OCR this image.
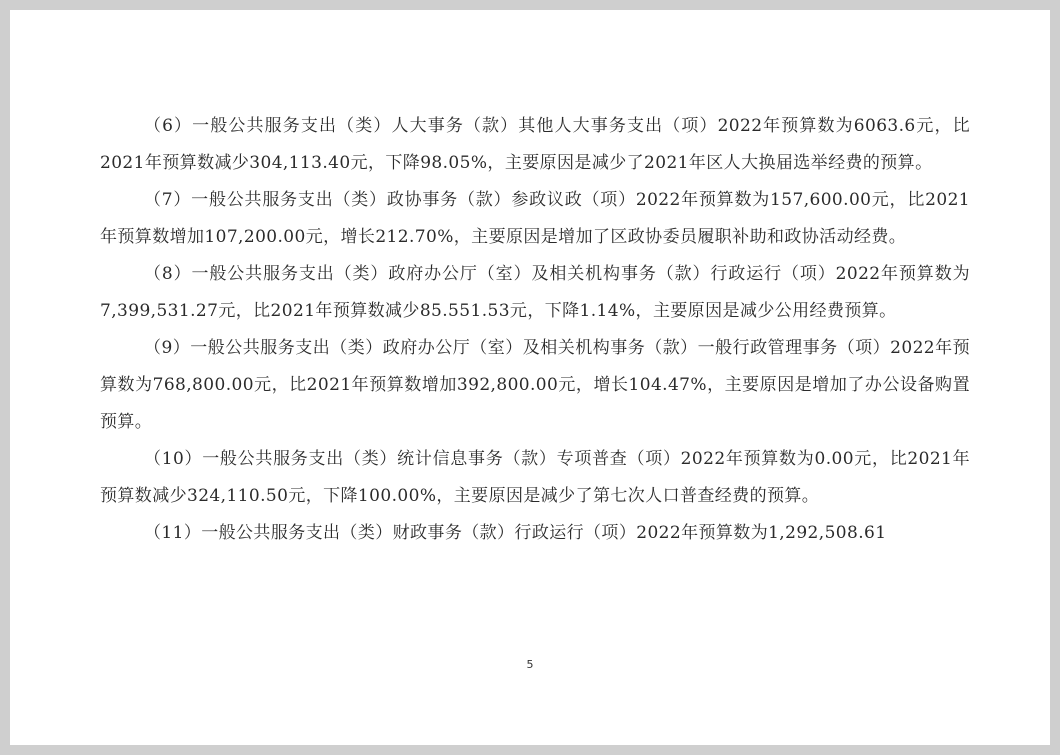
（6）一般公共服务支出（类）人大事务（款）其他人大事务支出（项）2022年预算数为6063.6元，比2021年预算数减少304,113.40元，下降98.05%，主要原因是减少了2021年区人大换届选举经费的预算。

（7）一般公共服务支出（类）政协事务（款）参政议政（项）2022年预算数为157,600.00元，比2021年预算数增加107,200.00元，增长212.70%，主要原因是增加了区政协委员履职补助和政协活动经费。

（8）一般公共服务支出（类）政府办公厅（室）及相关机构事务（款）行政运行（项）2022年预算数为7,399,531.27元，比2021年预算数减少85.551.53元，下降1.14%，主要原因是减少公用经费预算。

（9）一般公共服务支出（类）政府办公厅（室）及相关机构事务（款）一般行政管理事务（项）2022年预算数为768,800.00元，比2021年预算数增加392,800.00元，增长104.47%，主要原因是增加了办公设备购置预算。

（10）一般公共服务支出（类）统计信息事务（款）专项普查（项）2022年预算数为0.00元，比2021年预算数减少324,110.50元，下降100.00%，主要原因是减少了第七次人口普查经费的预算。

（11）一般公共服务支出（类）财政事务（款）行政运行（项）2022年预算数为1,292,508.61

5
